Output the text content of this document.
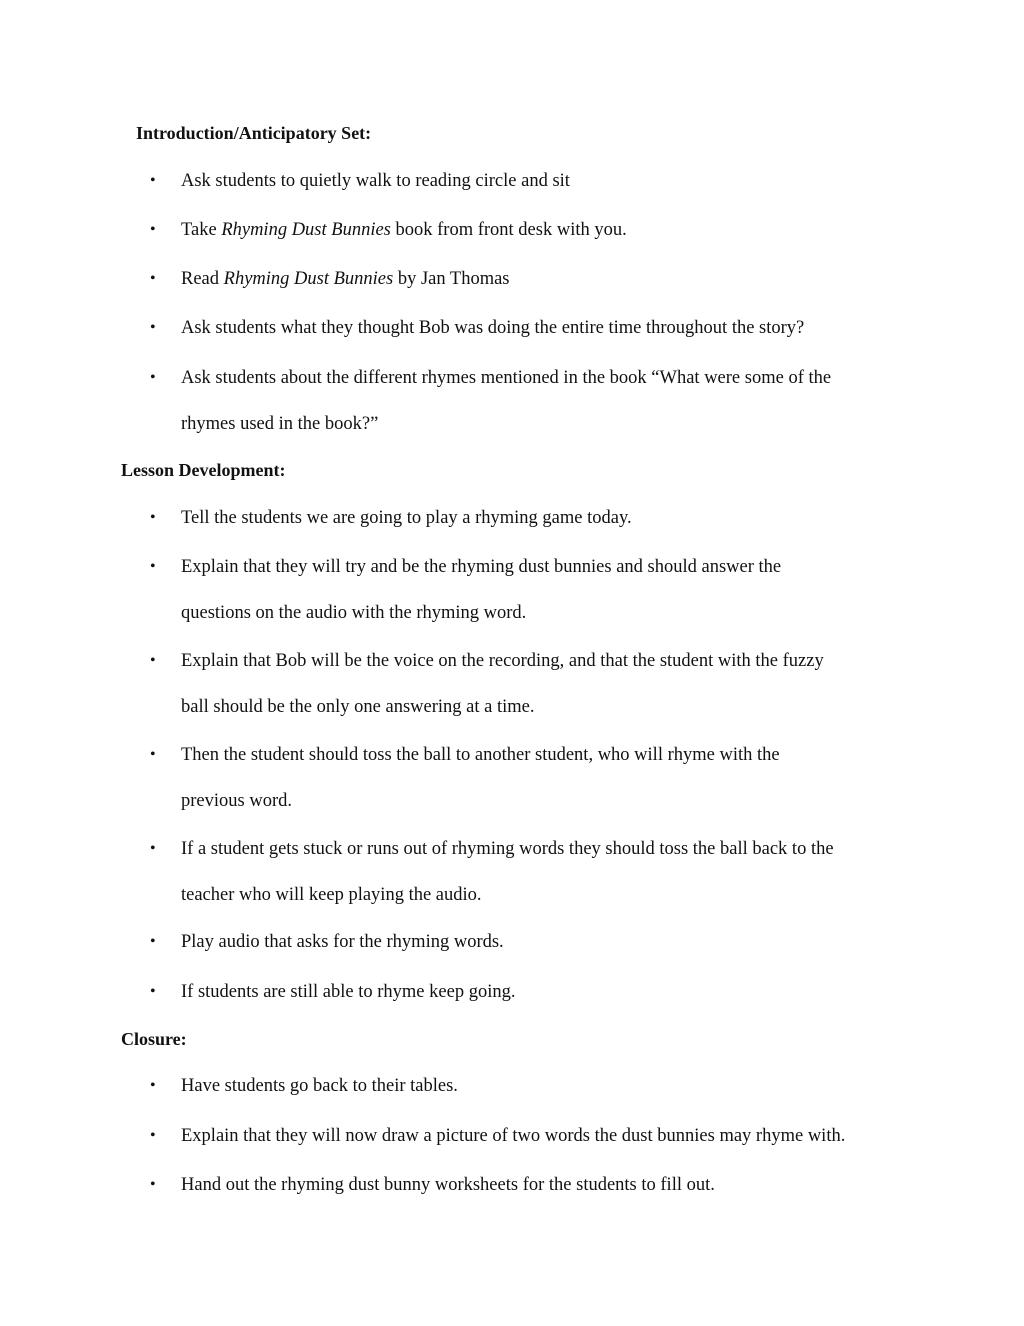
Introduction/Anticipatory Set:
•
Ask students to quietly walk to reading circle and sit
•
Take Rhyming Dust Bunnies book from front desk with you.
•
Read Rhyming Dust Bunnies by Jan Thomas
•
Ask students what they thought Bob was doing the entire time throughout the story?
•
Ask students about the different rhymes mentioned in the book “What were some of the
rhymes used in the book?”
Lesson Development:
•
Tell the students we are going to play a rhyming game today.
•
Explain that they will try and be the rhyming dust bunnies and should answer the
questions on the audio with the rhyming word.
•
Explain that Bob will be the voice on the recording, and that the student with the fuzzy
ball should be the only one answering at a time.
•
Then the student should toss the ball to another student, who will rhyme with the
previous word.
•
If a student gets stuck or runs out of rhyming words they should toss the ball back to the
teacher who will keep playing the audio.
•
Play audio that asks for the rhyming words.
•
If students are still able to rhyme keep going.
Closure:
•
Have students go back to their tables.
•
Explain that they will now draw a picture of two words the dust bunnies may rhyme with.
•
Hand out the rhyming dust bunny worksheets for the students to fill out.
